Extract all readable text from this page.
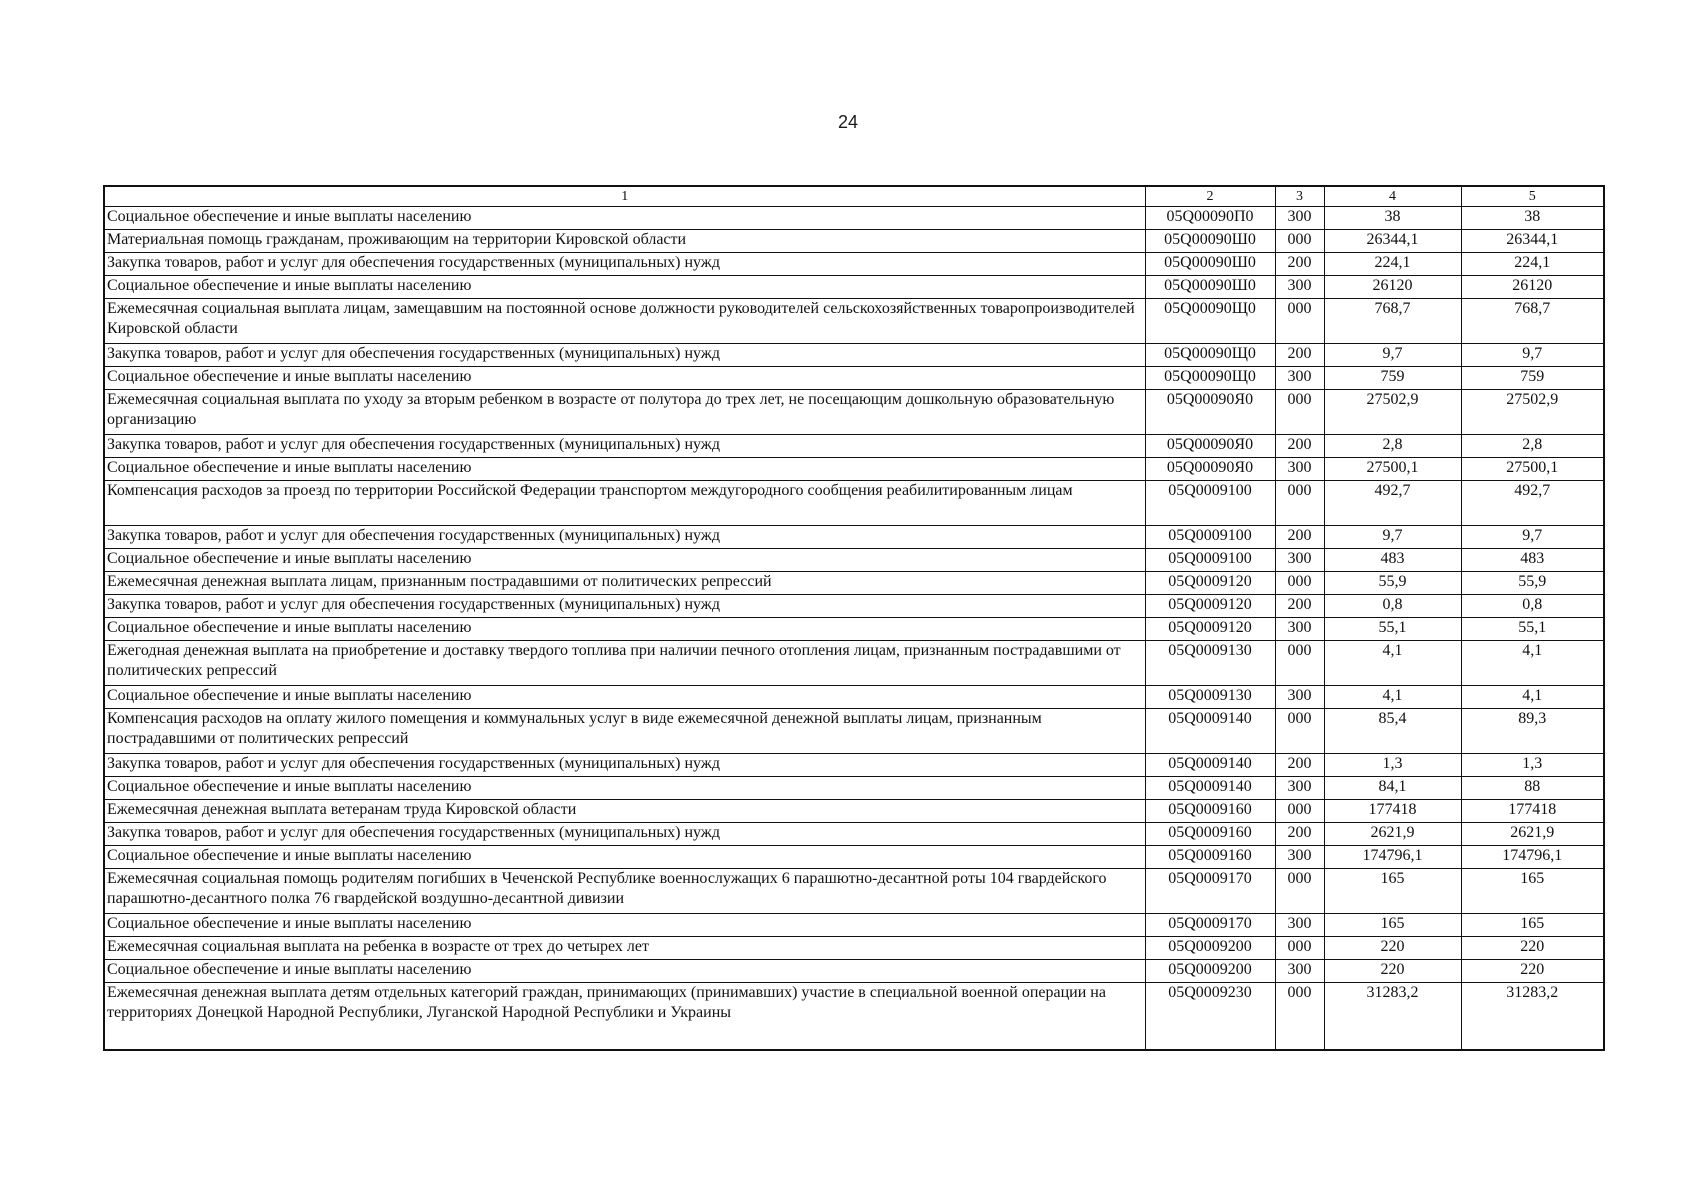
24
1	2	3	4	5
Социальное обеспечение и иные выплаты населению	05Q00090П0	300	38	38
Материальная помощь гражданам, проживающим на территории Кировской области	05Q00090Ш0	000	26344,1	26344,1
Закупка товаров, работ и услуг для обеспечения государственных (муниципальных) нужд	05Q00090Ш0	200	224,1	224,1
Социальное обеспечение и иные выплаты населению	05Q00090Ш0	300	26120	26120
Ежемесячная социальная выплата лицам, замещавшим на постоянной основе должности руководителей сельскохозяйственных товаропроизводителей Кировской области	05Q00090Щ0	000	768,7	768,7
Закупка товаров, работ и услуг для обеспечения государственных (муниципальных) нужд	05Q00090Щ0	200	9,7	9,7
Социальное обеспечение и иные выплаты населению	05Q00090Щ0	300	759	759
Ежемесячная социальная выплата по уходу за вторым ребенком в возрасте от полутора до трех лет, не посещающим дошкольную образовательную организацию	05Q00090Я0	000	27502,9	27502,9
Закупка товаров, работ и услуг для обеспечения государственных (муниципальных) нужд	05Q00090Я0	200	2,8	2,8
Социальное обеспечение и иные выплаты населению	05Q00090Я0	300	27500,1	27500,1
Компенсация расходов за проезд по территории Российской Федерации транспортом междугородного сообщения реабилитированным лицам	05Q0009100	000	492,7	492,7
Закупка товаров, работ и услуг для обеспечения государственных (муниципальных) нужд	05Q0009100	200	9,7	9,7
Социальное обеспечение и иные выплаты населению	05Q0009100	300	483	483
Ежемесячная денежная выплата лицам, признанным пострадавшими от политических репрессий	05Q0009120	000	55,9	55,9
Закупка товаров, работ и услуг для обеспечения государственных (муниципальных) нужд	05Q0009120	200	0,8	0,8
Социальное обеспечение и иные выплаты населению	05Q0009120	300	55,1	55,1
Ежегодная денежная выплата на приобретение и доставку твердого топлива при наличии печного отопления лицам, признанным пострадавшими от политических репрессий	05Q0009130	000	4,1	4,1
Социальное обеспечение и иные выплаты населению	05Q0009130	300	4,1	4,1
Компенсация расходов на оплату жилого помещения и коммунальных услуг в виде ежемесячной денежной выплаты лицам, признанным пострадавшими от политических репрессий	05Q0009140	000	85,4	89,3
Закупка товаров, работ и услуг для обеспечения государственных (муниципальных) нужд	05Q0009140	200	1,3	1,3
Социальное обеспечение и иные выплаты населению	05Q0009140	300	84,1	88
Ежемесячная денежная выплата ветеранам труда Кировской области	05Q0009160	000	177418	177418
Закупка товаров, работ и услуг для обеспечения государственных (муниципальных) нужд	05Q0009160	200	2621,9	2621,9
Социальное обеспечение и иные выплаты населению	05Q0009160	300	174796,1	174796,1
Ежемесячная социальная помощь родителям погибших в Чеченской Республике военнослужащих 6 парашютно-десантной роты 104 гвардейского парашютно-десантного полка 76 гвардейской воздушно-десантной дивизии	05Q0009170	000	165	165
Социальное обеспечение и иные выплаты населению	05Q0009170	300	165	165
Ежемесячная социальная выплата на ребенка в возрасте от трех до четырех лет	05Q0009200	000	220	220
Социальное обеспечение и иные выплаты населению	05Q0009200	300	220	220
Ежемесячная денежная выплата детям отдельных категорий граждан, принимающих (принимавших) участие в специальной военной операции на территориях Донецкой Народной Республики, Луганской Народной Республики и Украины	05Q0009230	000	31283,2	31283,2
